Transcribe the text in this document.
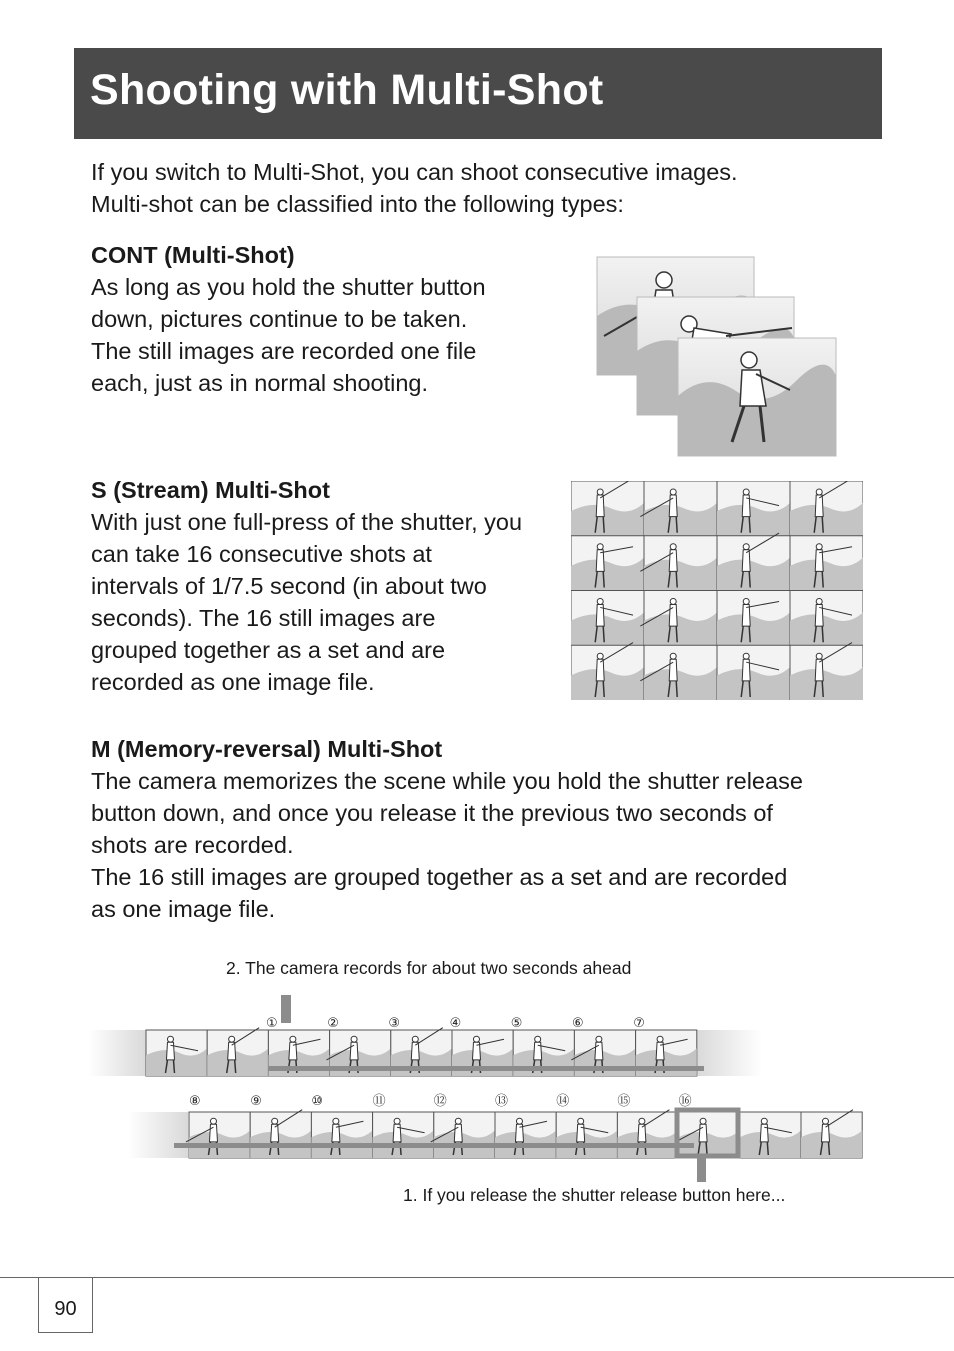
Shooting with Multi-Shot

If you switch to Multi-Shot, you can shoot consecutive images.

Multi-shot can be classified into the following types:

CONT (Multi-Shot)

As long as you hold the shutter button

down, pictures continue to be taken.

The still images are recorded one file

each, just as in normal shooting.

S (Stream) Multi-Shot

With just one full-press of the shutter, you

can take 16 consecutive shots at

intervals of 1/7.5 second (in about two

seconds). The 16 still images are

grouped together as a set and are

recorded as one image file.

M (Memory-reversal) Multi-Shot

The camera memorizes the scene while you hold the shutter release

button down, and once you release it the previous two seconds of

shots are recorded.

The 16 still images are grouped together as a set and are recorded

as one image file.

2. The camera records for about two seconds ahead
①	②	③	④	⑤	⑥	⑦
⑧	⑨	⑩	⑪	⑫	⑬	⑭	⑮	⑯
1. If you release the shutter release button here...
90
